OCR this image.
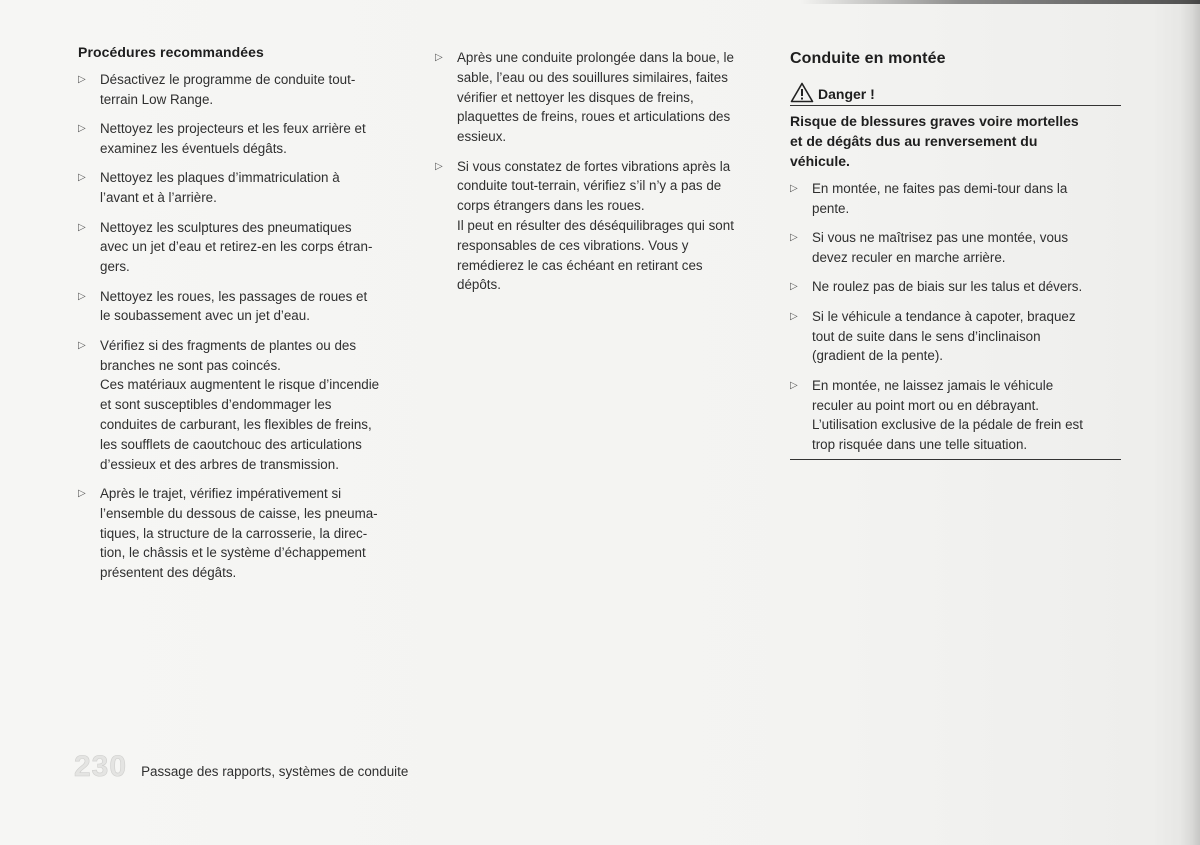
Procédures recommandées
▷ Désactivez le programme de conduite tout-
terrain Low Range.
▷ Nettoyez les projecteurs et les feux arrière et
examinez les éventuels dégâts.
▷ Nettoyez les plaques d’immatriculation à
l’avant et à l’arrière.
▷ Nettoyez les sculptures des pneumatiques
avec un jet d’eau et retirez-en les corps étran-
gers.
▷ Nettoyez les roues, les passages de roues et
le soubassement avec un jet d’eau.
▷ Vérifiez si des fragments de plantes ou des
branches ne sont pas coincés.
Ces matériaux augmentent le risque d’incendie
et sont susceptibles d’endommager les
conduites de carburant, les flexibles de freins,
les soufflets de caoutchouc des articulations
d’essieux et des arbres de transmission.
▷ Après le trajet, vérifiez impérativement si
l’ensemble du dessous de caisse, les pneuma-
tiques, la structure de la carrosserie, la direc-
tion, le châssis et le système d’échappement
présentent des dégâts.
▷ Après une conduite prolongée dans la boue, le
sable, l’eau ou des souillures similaires, faites
vérifier et nettoyer les disques de freins,
plaquettes de freins, roues et articulations des
essieux.
▷ Si vous constatez de fortes vibrations après la
conduite tout-terrain, vérifiez s’il n’y a pas de
corps étrangers dans les roues.
Il peut en résulter des déséquilibrages qui sont
responsables de ces vibrations. Vous y
remédierez le cas échéant en retirant ces
dépôts.
Conduite en montée
Danger !
Risque de blessures graves voire mortelles
et de dégâts dus au renversement du
véhicule.
▷ En montée, ne faites pas demi-tour dans la
pente.
▷ Si vous ne maîtrisez pas une montée, vous
devez reculer en marche arrière.
▷ Ne roulez pas de biais sur les talus et dévers.
▷ Si le véhicule a tendance à capoter, braquez
tout de suite dans le sens d’inclinaison
(gradient de la pente).
▷ En montée, ne laissez jamais le véhicule
reculer au point mort ou en débrayant.
L’utilisation exclusive de la pédale de frein est
trop risquée dans une telle situation.
230 Passage des rapports, systèmes de conduite
